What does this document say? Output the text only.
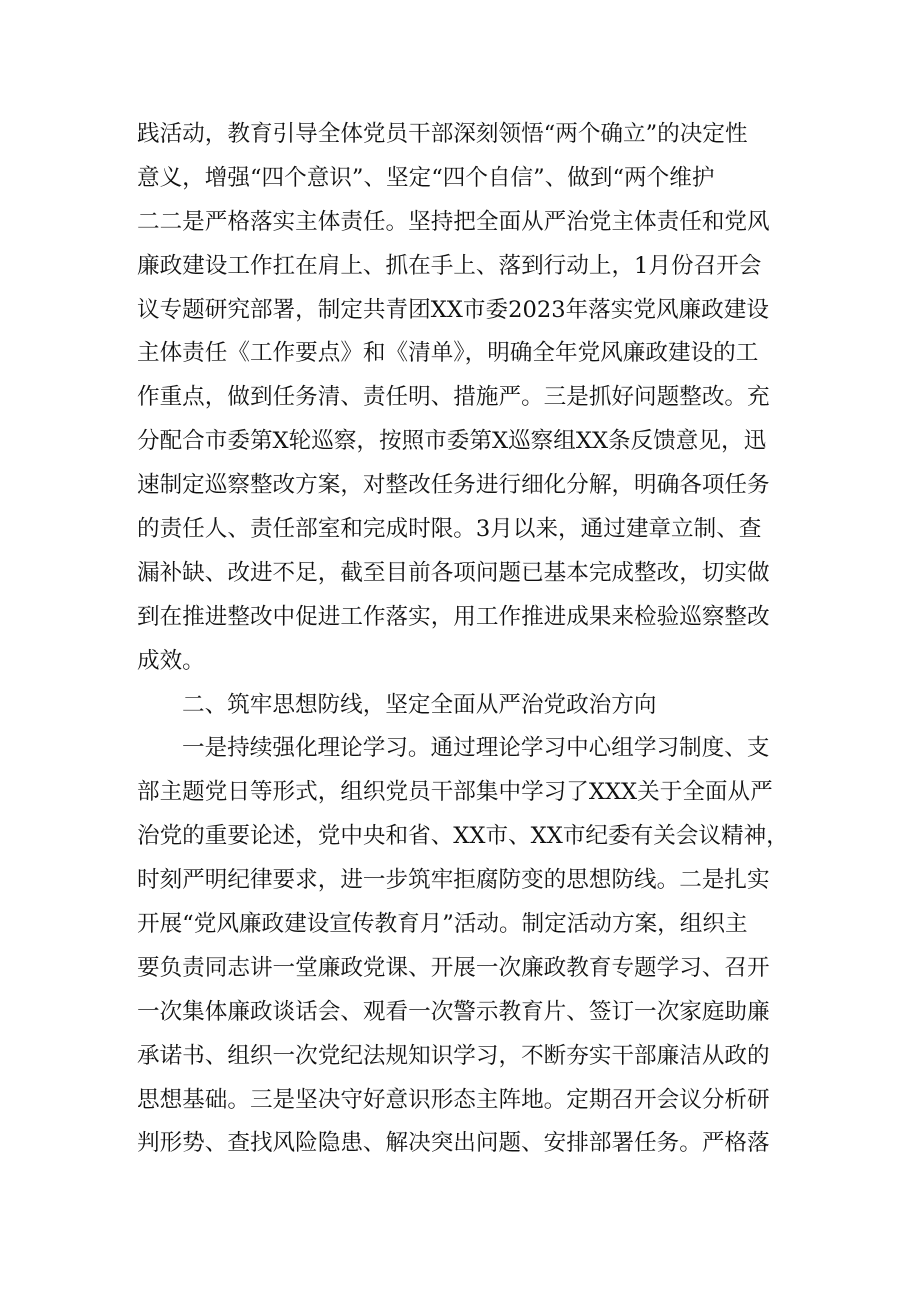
践活动，教育引导全体党员干部深刻领悟“两个确立”的决定性
意义，增强“四个意识”、坚定“四个自信”、做到“两个维护
二二是严格落实主体责任。坚持把全面从严治党主体责任和党风
廉政建设工作扛在肩上、抓在手上、落到行动上，1月份召开会
议专题研究部署，制定共青团XX市委2023年落实党风廉政建设
主体责任《工作要点》和《清单》，明确全年党风廉政建设的工
作重点，做到任务清、责任明、措施严。三是抓好问题整改。充
分配合市委第X轮巡察，按照市委第X巡察组XX条反馈意见，迅
速制定巡察整改方案，对整改任务进行细化分解，明确各项任务
的责任人、责任部室和完成时限。3月以来，通过建章立制、查
漏补缺、改进不足，截至目前各项问题已基本完成整改，切实做
到在推进整改中促进工作落实，用工作推进成果来检验巡察整改
成效。
二、筑牢思想防线，坚定全面从严治党政治方向
一是持续强化理论学习。通过理论学习中心组学习制度、支
部主题党日等形式，组织党员干部集中学习了XXX关于全面从严
治党的重要论述，党中央和省、XX市、XX市纪委有关会议精神，
时刻严明纪律要求，进一步筑牢拒腐防变的思想防线。二是扎实
开展“党风廉政建设宣传教育月”活动。制定活动方案，组织主
要负责同志讲一堂廉政党课、开展一次廉政教育专题学习、召开
一次集体廉政谈话会、观看一次警示教育片、签订一次家庭助廉
承诺书、组织一次党纪法规知识学习，不断夯实干部廉洁从政的
思想基础。三是坚决守好意识形态主阵地。定期召开会议分析研
判形势、查找风险隐患、解决突出问题、安排部署任务。严格落
